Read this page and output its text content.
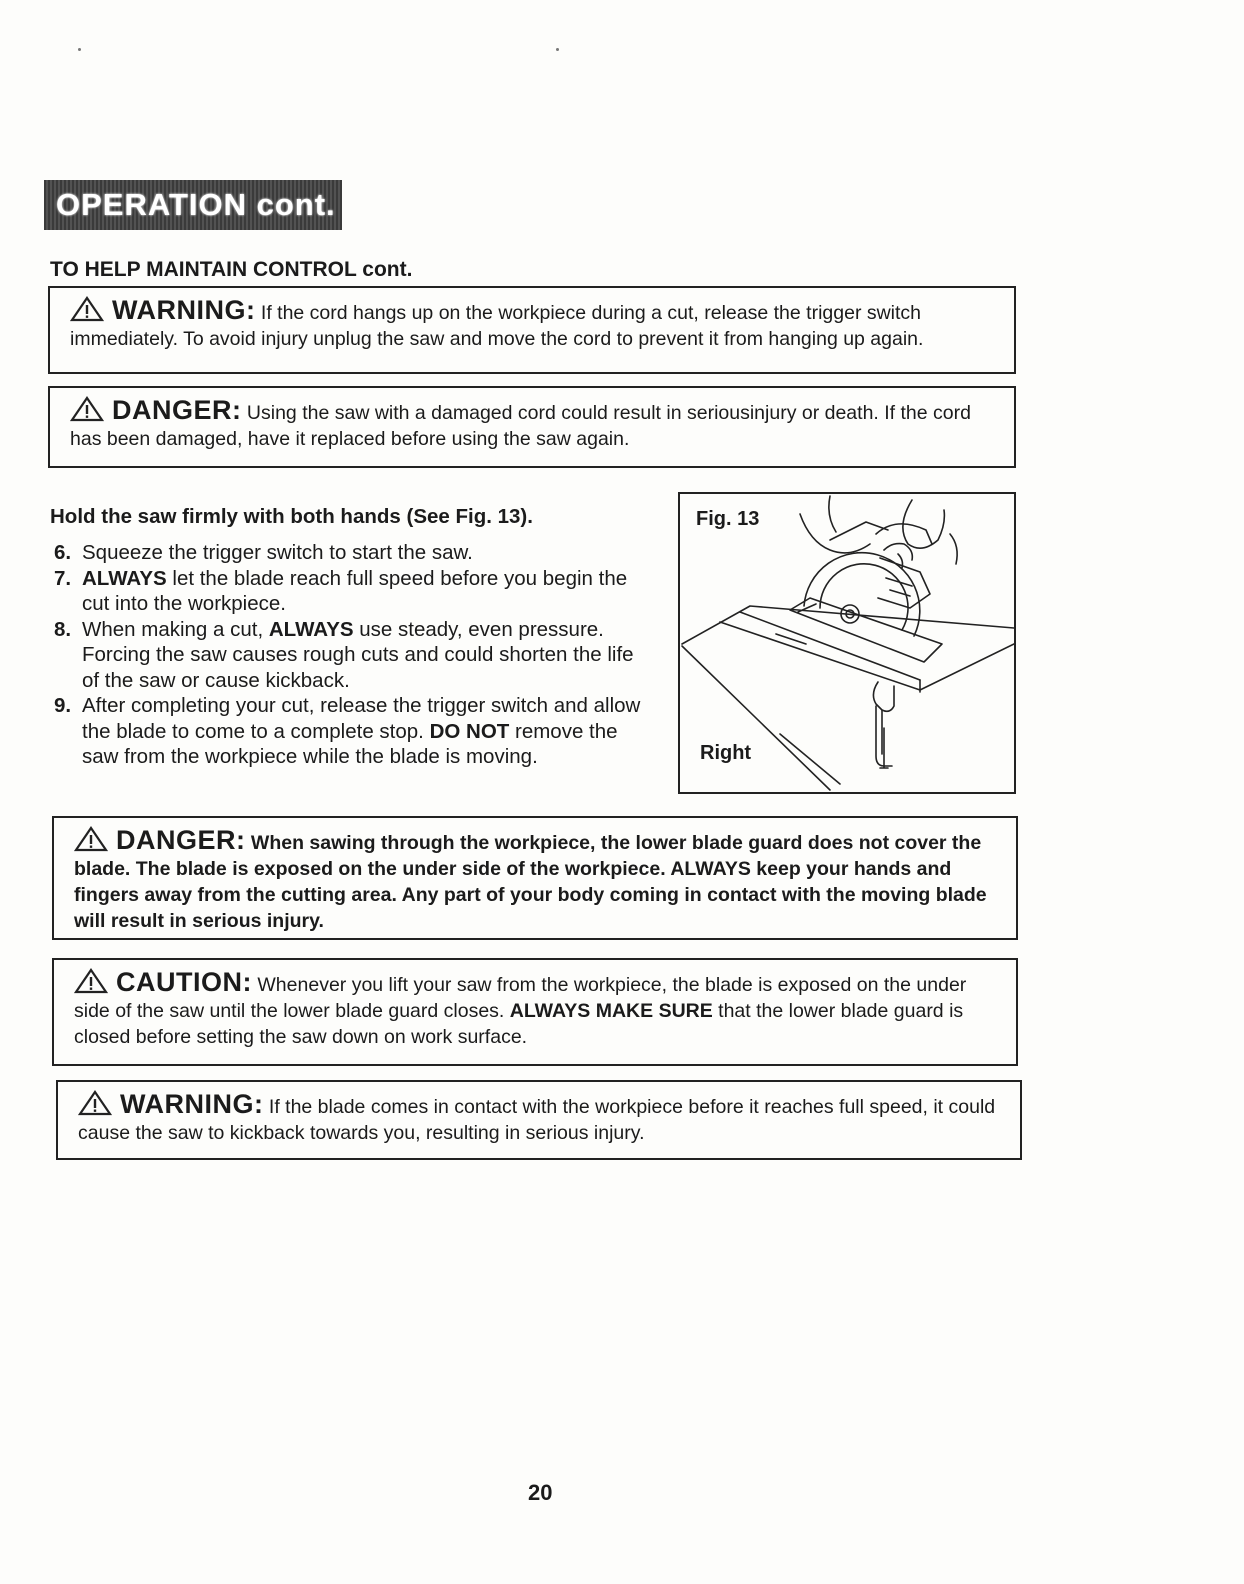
OPERATION cont.
TO HELP MAINTAIN CONTROL cont.
WARNING: If the cord hangs up on the workpiece during a cut, release the trigger switch immediately. To avoid injury unplug the saw and move the cord to prevent it from hanging up again.
DANGER: Using the saw with a damaged cord could result in seriousinjury or death. If the cord has been damaged, have it replaced before using the saw again.
Hold the saw firmly with both hands (See Fig. 13).
6. Squeeze the trigger switch to start the saw.
7. ALWAYS let the blade reach full speed before you begin the cut into the workpiece.
8. When making a cut, ALWAYS use steady, even pressure. Forcing the saw causes rough cuts and could shorten the life of the saw or cause kickback.
9. After completing your cut, release the trigger switch and allow the blade to come to a complete stop. DO NOT remove the saw from the workpiece while the blade is moving.
Fig. 13
Right
DANGER: When sawing through the workpiece, the lower blade guard does not cover the blade. The blade is exposed on the under side of the workpiece. ALWAYS keep your hands and fingers away from the cutting area. Any part of your body coming in contact with the moving blade will result in serious injury.
CAUTION: Whenever you lift your saw from the workpiece, the blade is exposed on the under side of the saw until the lower blade guard closes. ALWAYS MAKE SURE that the lower blade guard is closed before setting the saw down on work surface.
WARNING: If the blade comes in contact with the workpiece before it reaches full speed, it could cause the saw to kickback towards you, resulting in serious injury.
20
